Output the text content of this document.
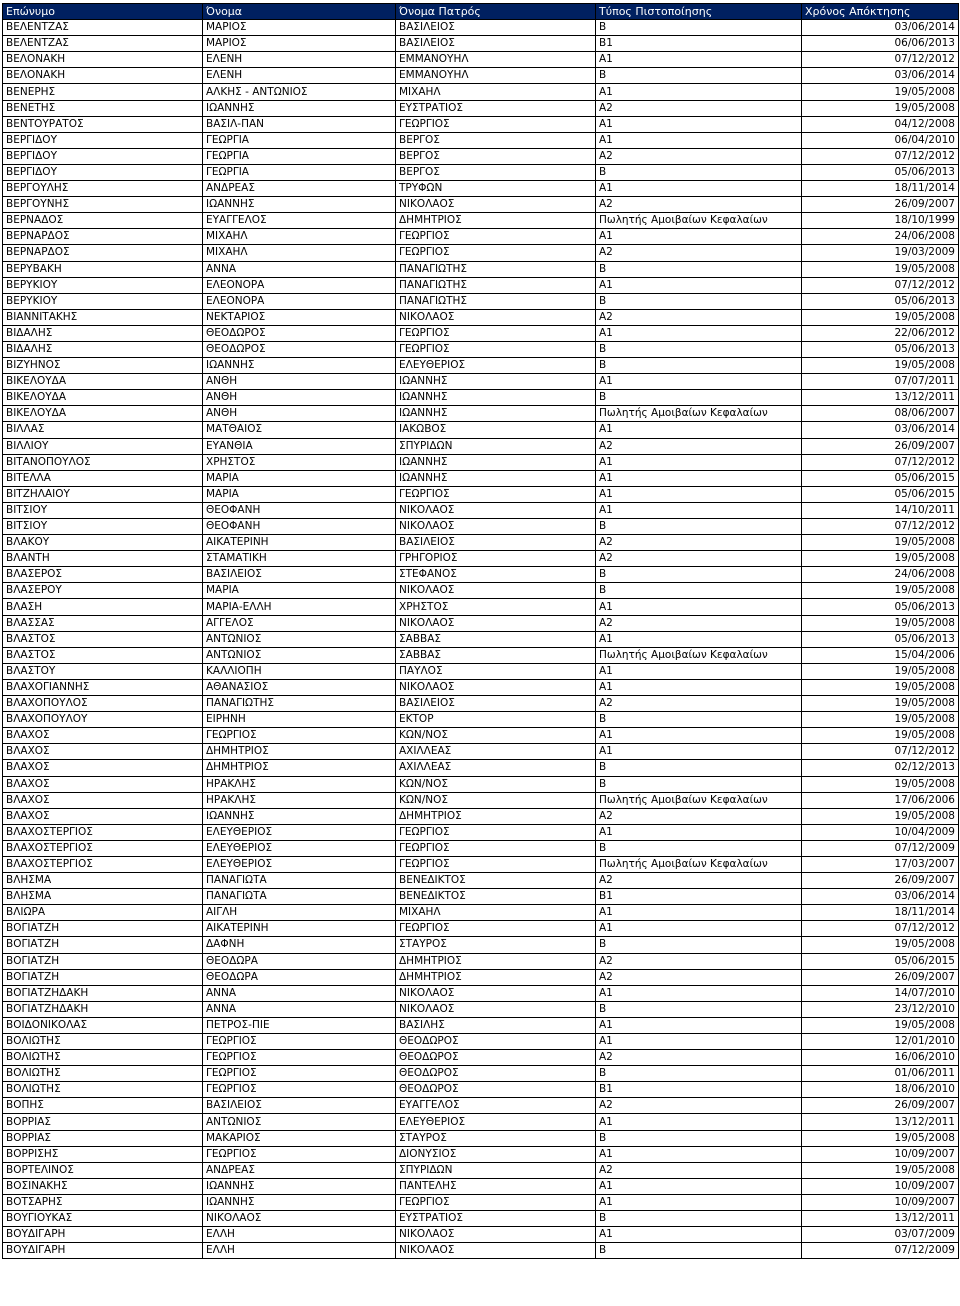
Επώνυμο	Όνομα	Όνομα Πατρός	Τύπος Πιστοποίησης	Χρόνος Απόκτησης
ΒΕΛΕΝΤΖΑΣ	ΜΑΡΙΟΣ	ΒΑΣΙΛΕΙΟΣ	Β	03/06/2014
ΒΕΛΕΝΤΖΑΣ	ΜΑΡΙΟΣ	ΒΑΣΙΛΕΙΟΣ	Β1	06/06/2013
ΒΕΛΟΝΑΚΗ	ΕΛΕΝΗ	ΕΜΜΑΝΟΥΗΛ	Α1	07/12/2012
ΒΕΛΟΝΑΚΗ	ΕΛΕΝΗ	ΕΜΜΑΝΟΥΗΛ	Β	03/06/2014
ΒΕΝΕΡΗΣ	ΑΛΚΗΣ - ΑΝΤΩΝΙΟΣ	ΜΙΧΑΗΛ	Α1	19/05/2008
ΒΕΝΕΤΗΣ	ΙΩΑΝΝΗΣ	ΕΥΣΤΡΑΤΙΟΣ	Α2	19/05/2008
ΒΕΝΤΟΥΡΑΤΟΣ	ΒΑΣΙΛ-ΠΑΝ	ΓΕΩΡΓΙΟΣ	Α1	04/12/2008
ΒΕΡΓΙΔΟΥ	ΓΕΩΡΓΙΑ	ΒΕΡΓΟΣ	Α1	06/04/2010
ΒΕΡΓΙΔΟΥ	ΓΕΩΡΓΙΑ	ΒΕΡΓΟΣ	Α2	07/12/2012
ΒΕΡΓΙΔΟΥ	ΓΕΩΡΓΙΑ	ΒΕΡΓΟΣ	Β	05/06/2013
ΒΕΡΓΟΥΛΗΣ	ΑΝΔΡΕΑΣ	ΤΡΥΦΩΝ	Α1	18/11/2014
ΒΕΡΓΟΥΝΗΣ	ΙΩΑΝΝΗΣ	ΝΙΚΟΛΑΟΣ	Α2	26/09/2007
ΒΕΡΝΑΔΟΣ	ΕΥΑΓΓΕΛΟΣ	ΔΗΜΗΤΡΙΟΣ	Πωλητής Αμοιβαίων Κεφαλαίων	18/10/1999
ΒΕΡΝΑΡΔΟΣ	ΜΙΧΑΗΛ	ΓΕΩΡΓΙΟΣ	Α1	24/06/2008
ΒΕΡΝΑΡΔΟΣ	ΜΙΧΑΗΛ	ΓΕΩΡΓΙΟΣ	Α2	19/03/2009
ΒΕΡΥΒΑΚΗ	ΑΝΝΑ	ΠΑΝΑΓΙΩΤΗΣ	Β	19/05/2008
ΒΕΡΥΚΙΟΥ	ΕΛΕΟΝΟΡΑ	ΠΑΝΑΓΙΩΤΗΣ	Α1	07/12/2012
ΒΕΡΥΚΙΟΥ	ΕΛΕΟΝΟΡΑ	ΠΑΝΑΓΙΩΤΗΣ	Β	05/06/2013
ΒΙΑΝΝΙΤΑΚΗΣ	ΝΕΚΤΑΡΙΟΣ	ΝΙΚΟΛΑΟΣ	Α2	19/05/2008
ΒΙΔΑΛΗΣ	ΘΕΟΔΩΡΟΣ	ΓΕΩΡΓΙΟΣ	Α1	22/06/2012
ΒΙΔΑΛΗΣ	ΘΕΟΔΩΡΟΣ	ΓΕΩΡΓΙΟΣ	Β	05/06/2013
ΒΙΖΥΗΝΟΣ	ΙΩΑΝΝΗΣ	ΕΛΕΥΘΕΡΙΟΣ	Β	19/05/2008
ΒΙΚΕΛΟΥΔΑ	ΑΝΘΗ	ΙΩΑΝΝΗΣ	Α1	07/07/2011
ΒΙΚΕΛΟΥΔΑ	ΑΝΘΗ	ΙΩΑΝΝΗΣ	Β	13/12/2011
ΒΙΚΕΛΟΥΔΑ	ΑΝΘΗ	ΙΩΑΝΝΗΣ	Πωλητής Αμοιβαίων Κεφαλαίων	08/06/2007
ΒΙΛΛΑΣ	ΜΑΤΘΑΙΟΣ	ΙΑΚΩΒΟΣ	Α1	03/06/2014
ΒΙΛΛΙΟΥ	ΕΥΑΝΘΙΑ	ΣΠΥΡΙΔΩΝ	Α2	26/09/2007
ΒΙΤΑΝΟΠΟΥΛΟΣ	ΧΡΗΣΤΟΣ	ΙΩΑΝΝΗΣ	Α1	07/12/2012
ΒΙΤΕΛΛΑ	ΜΑΡΙΑ	ΙΩΑΝΝΗΣ	Α1	05/06/2015
ΒΙΤΖΗΛΑΙΟΥ	ΜΑΡΙΑ	ΓΕΩΡΓΙΟΣ	Α1	05/06/2015
ΒΙΤΣΙΟΥ	ΘΕΟΦΑΝΗ	ΝΙΚΟΛΑΟΣ	Α1	14/10/2011
ΒΙΤΣΙΟΥ	ΘΕΟΦΑΝΗ	ΝΙΚΟΛΑΟΣ	Β	07/12/2012
ΒΛΑΚΟΥ	ΑΙΚΑΤΕΡΙΝΗ	ΒΑΣΙΛΕΙΟΣ	Α2	19/05/2008
ΒΛΑΝΤΗ	ΣΤΑΜΑΤΙΚΗ	ΓΡΗΓΟΡΙΟΣ	Α2	19/05/2008
ΒΛΑΣΕΡΟΣ	ΒΑΣΙΛΕΙΟΣ	ΣΤΕΦΑΝΟΣ	Β	24/06/2008
ΒΛΑΣΕΡΟΥ	ΜΑΡΙΑ	ΝΙΚΟΛΑΟΣ	Β	19/05/2008
ΒΛΑΣΗ	ΜΑΡΙΑ-ΕΛΛΗ	ΧΡΗΣΤΟΣ	Α1	05/06/2013
ΒΛΑΣΣΑΣ	ΑΓΓΕΛΟΣ	ΝΙΚΟΛΑΟΣ	Α2	19/05/2008
ΒΛΑΣΤΟΣ	ΑΝΤΩΝΙΟΣ	ΣΑΒΒΑΣ	Α1	05/06/2013
ΒΛΑΣΤΟΣ	ΑΝΤΩΝΙΟΣ	ΣΑΒΒΑΣ	Πωλητής Αμοιβαίων Κεφαλαίων	15/04/2006
ΒΛΑΣΤΟΥ	ΚΑΛΛΙΟΠΗ	ΠΑΥΛΟΣ	Α1	19/05/2008
ΒΛΑΧΟΓΙΑΝΝΗΣ	ΑΘΑΝΑΣΙΟΣ	ΝΙΚΟΛΑΟΣ	Α1	19/05/2008
ΒΛΑΧΟΠΟΥΛΟΣ	ΠΑΝΑΓΙΩΤΗΣ	ΒΑΣΙΛΕΙΟΣ	Α2	19/05/2008
ΒΛΑΧΟΠΟΥΛΟΥ	ΕΙΡΗΝΗ	ΕΚΤΟΡ	Β	19/05/2008
ΒΛΑΧΟΣ	ΓΕΩΡΓΙΟΣ	ΚΩΝ/ΝΟΣ	Α1	19/05/2008
ΒΛΑΧΟΣ	ΔΗΜΗΤΡΙΟΣ	ΑΧΙΛΛΕΑΣ	Α1	07/12/2012
ΒΛΑΧΟΣ	ΔΗΜΗΤΡΙΟΣ	ΑΧΙΛΛΕΑΣ	Β	02/12/2013
ΒΛΑΧΟΣ	ΗΡΑΚΛΗΣ	ΚΩΝ/ΝΟΣ	Β	19/05/2008
ΒΛΑΧΟΣ	ΗΡΑΚΛΗΣ	ΚΩΝ/ΝΟΣ	Πωλητής Αμοιβαίων Κεφαλαίων	17/06/2006
ΒΛΑΧΟΣ	ΙΩΑΝΝΗΣ	ΔΗΜΗΤΡΙΟΣ	Α2	19/05/2008
ΒΛΑΧΟΣΤΕΡΓΙΟΣ	ΕΛΕΥΘΕΡΙΟΣ	ΓΕΩΡΓΙΟΣ	Α1	10/04/2009
ΒΛΑΧΟΣΤΕΡΓΙΟΣ	ΕΛΕΥΘΕΡΙΟΣ	ΓΕΩΡΓΙΟΣ	Β	07/12/2009
ΒΛΑΧΟΣΤΕΡΓΙΟΣ	ΕΛΕΥΘΕΡΙΟΣ	ΓΕΩΡΓΙΟΣ	Πωλητής Αμοιβαίων Κεφαλαίων	17/03/2007
ΒΛΗΣΜΑ	ΠΑΝΑΓΙΩΤΑ	ΒΕΝΕΔΙΚΤΟΣ	Α2	26/09/2007
ΒΛΗΣΜΑ	ΠΑΝΑΓΙΩΤΑ	ΒΕΝΕΔΙΚΤΟΣ	Β1	03/06/2014
ΒΛΙΩΡΑ	ΑΙΓΛΗ	ΜΙΧΑΗΛ	Α1	18/11/2014
ΒΟΓΙΑΤΖΗ	ΑΙΚΑΤΕΡΙΝΗ	ΓΕΩΡΓΙΟΣ	Α1	07/12/2012
ΒΟΓΙΑΤΖΗ	ΔΑΦΝΗ	ΣΤΑΥΡΟΣ	Β	19/05/2008
ΒΟΓΙΑΤΖΗ	ΘΕΟΔΩΡΑ	ΔΗΜΗΤΡΙΟΣ	Α2	05/06/2015
ΒΟΓΙΑΤΖΗ	ΘΕΟΔΩΡΑ	ΔΗΜΗΤΡΙΟΣ	Α2	26/09/2007
ΒΟΓΙΑΤΖΗΔΑΚΗ	ΑΝΝΑ	ΝΙΚΟΛΑΟΣ	Α1	14/07/2010
ΒΟΓΙΑΤΖΗΔΑΚΗ	ΑΝΝΑ	ΝΙΚΟΛΑΟΣ	Β	23/12/2010
ΒΟΙΔΟΝΙΚΟΛΑΣ	ΠΕΤΡΟΣ-ΠΙΕ	ΒΑΣΙΛΗΣ	Α1	19/05/2008
ΒΟΛΙΩΤΗΣ	ΓΕΩΡΓΙΟΣ	ΘΕΟΔΩΡΟΣ	Α1	12/01/2010
ΒΟΛΙΩΤΗΣ	ΓΕΩΡΓΙΟΣ	ΘΕΟΔΩΡΟΣ	Α2	16/06/2010
ΒΟΛΙΩΤΗΣ	ΓΕΩΡΓΙΟΣ	ΘΕΟΔΩΡΟΣ	Β	01/06/2011
ΒΟΛΙΩΤΗΣ	ΓΕΩΡΓΙΟΣ	ΘΕΟΔΩΡΟΣ	Β1	18/06/2010
ΒΟΠΗΣ	ΒΑΣΙΛΕΙΟΣ	ΕΥΑΓΓΕΛΟΣ	Α2	26/09/2007
ΒΟΡΡΙΑΣ	ΑΝΤΩΝΙΟΣ	ΕΛΕΥΘΕΡΙΟΣ	Α1	13/12/2011
ΒΟΡΡΙΑΣ	ΜΑΚΑΡΙΟΣ	ΣΤΑΥΡΟΣ	Β	19/05/2008
ΒΟΡΡΙΣΗΣ	ΓΕΩΡΓΙΟΣ	ΔΙΟΝΥΣΙΟΣ	Α1	10/09/2007
ΒΟΡΤΕΛΙΝΟΣ	ΑΝΔΡΕΑΣ	ΣΠΥΡΙΔΩΝ	Α2	19/05/2008
ΒΟΣΙΝΑΚΗΣ	ΙΩΑΝΝΗΣ	ΠΑΝΤΕΛΗΣ	Α1	10/09/2007
ΒΟΤΣΑΡΗΣ	ΙΩΑΝΝΗΣ	ΓΕΩΡΓΙΟΣ	Α1	10/09/2007
ΒΟΥΓΙΟΥΚΑΣ	ΝΙΚΟΛΑΟΣ	ΕΥΣΤΡΑΤΙΟΣ	Β	13/12/2011
ΒΟΥΔΙΓΑΡΗ	ΕΛΛΗ	ΝΙΚΟΛΑΟΣ	Α1	03/07/2009
ΒΟΥΔΙΓΑΡΗ	ΕΛΛΗ	ΝΙΚΟΛΑΟΣ	Β	07/12/2009
